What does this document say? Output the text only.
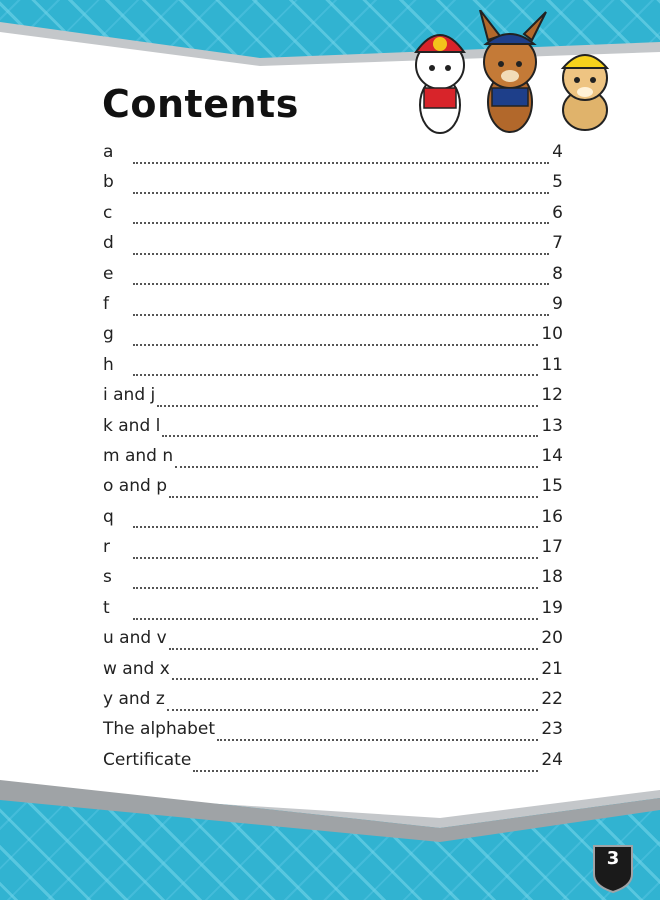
Contents
a	4
b	5
c	6
d	7
e	8
f	9
g	10
h	11
i and j	12
k and l	13
m and n	14
o and p	15
q	16
r	17
s	18
t	19
u and v	20
w and x	21
y and z	22
The alphabet	23
Certificate	24
3
